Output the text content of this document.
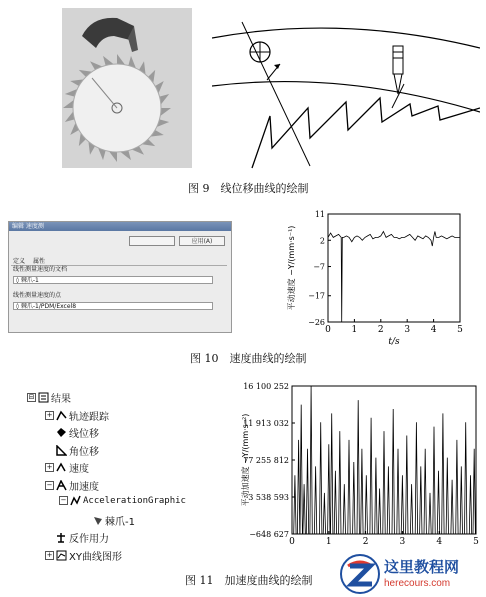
图 9　线位移曲线的绘制
编辑 速度测
应用(A)
定义 属性
线性测量速度的文档
◊ 棘爪-1
线性测量速度的点
◊ 棘爪-1/PDM/Excel8
0 1 2 3 4 5
11
2
−7
−17
−26
t/s
平动速度 −Y/(mm·s⁻¹)
图 10　速度曲线的绘制
⊟ 结果
+ 轨迹跟踪
线位移
角位移
+ 速度
− 加速度
− AccelerationGraphic
棘爪-1
反作用力
+ XY曲线图形
0	1	2	3	4	5
16 100 252
11 913 032
77 255 812
3 538 593
−648 627
平动加速度 −Y/(mm·s⁻²)
图 11　加速度曲线的绘制
这里教程网
herecours.com
